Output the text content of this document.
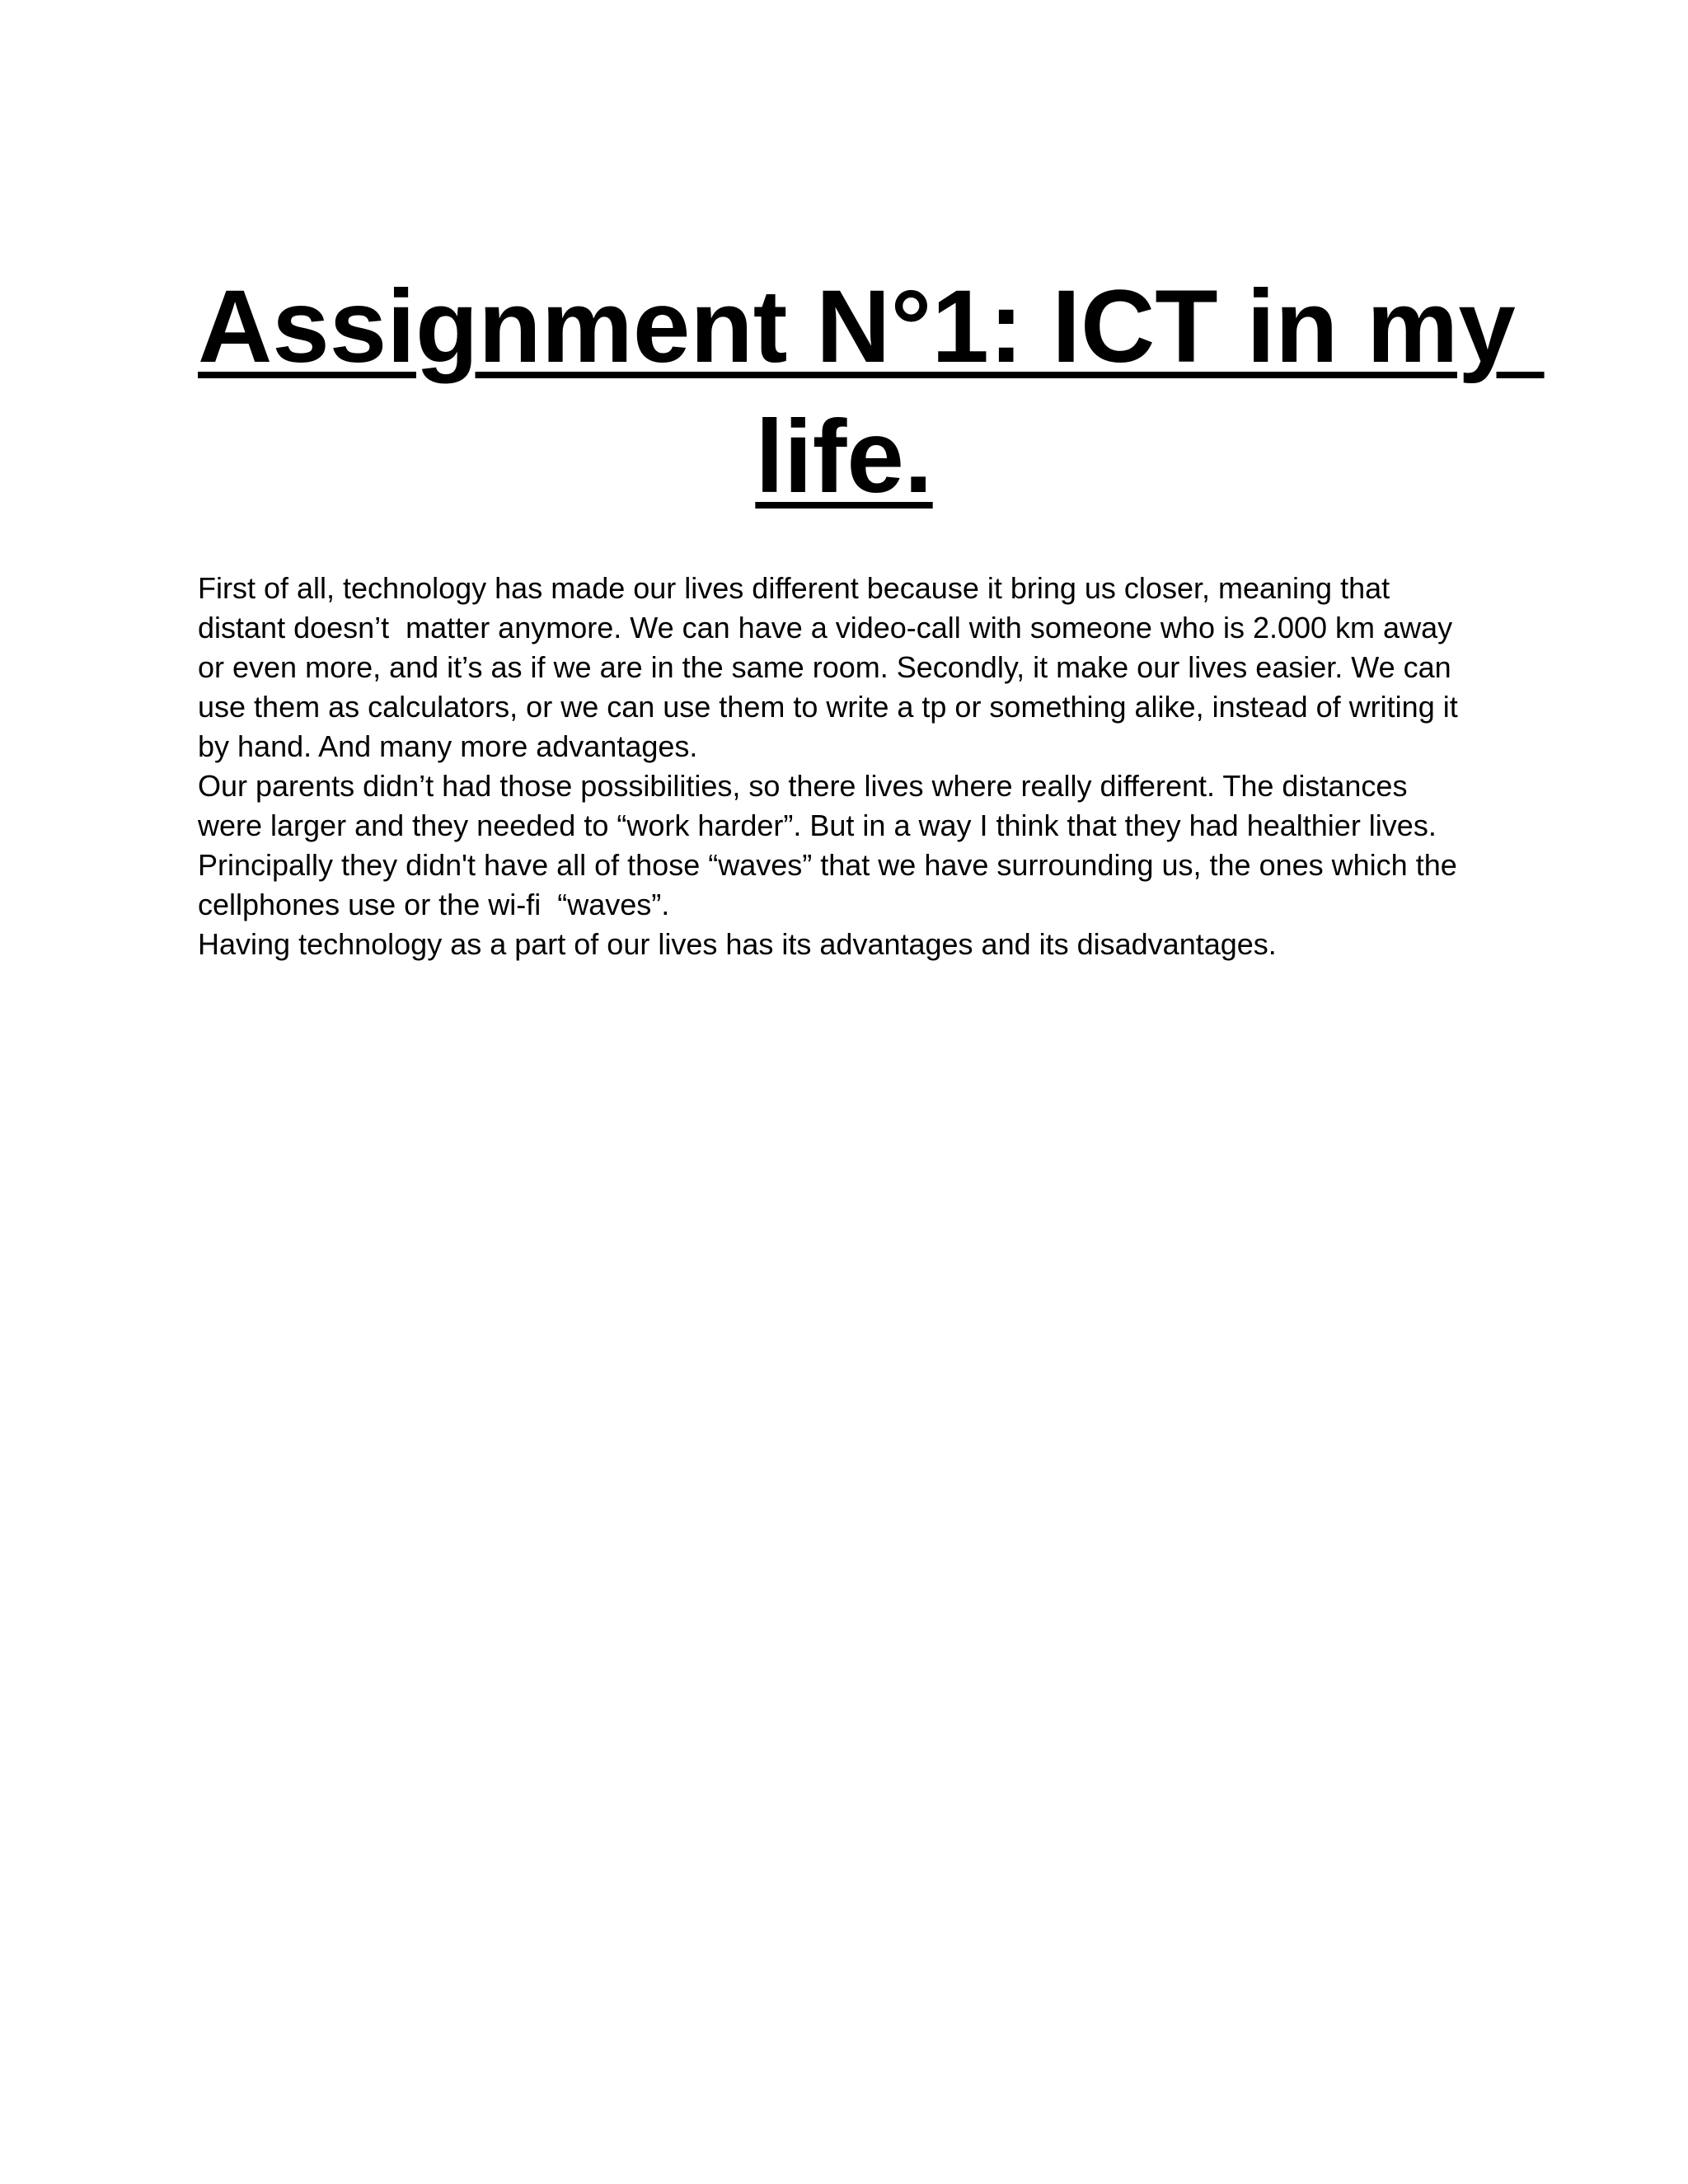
Assignment N°1: ICT in my
life.
First of all, technology has made our lives different because it bring us closer, meaning that
distant doesn’t  matter anymore. We can have a video-call with someone who is 2.000 km away
or even more, and it’s as if we are in the same room. Secondly, it make our lives easier. We can
use them as calculators, or we can use them to write a tp or something alike, instead of writing it
by hand. And many more advantages.
Our parents didn’t had those possibilities, so there lives where really different. The distances
were larger and they needed to “work harder”. But in a way I think that they had healthier lives.
Principally they didn't have all of those “waves” that we have surrounding us, the ones which the
cellphones use or the wi-fi  “waves”.
Having technology as a part of our lives has its advantages and its disadvantages.
